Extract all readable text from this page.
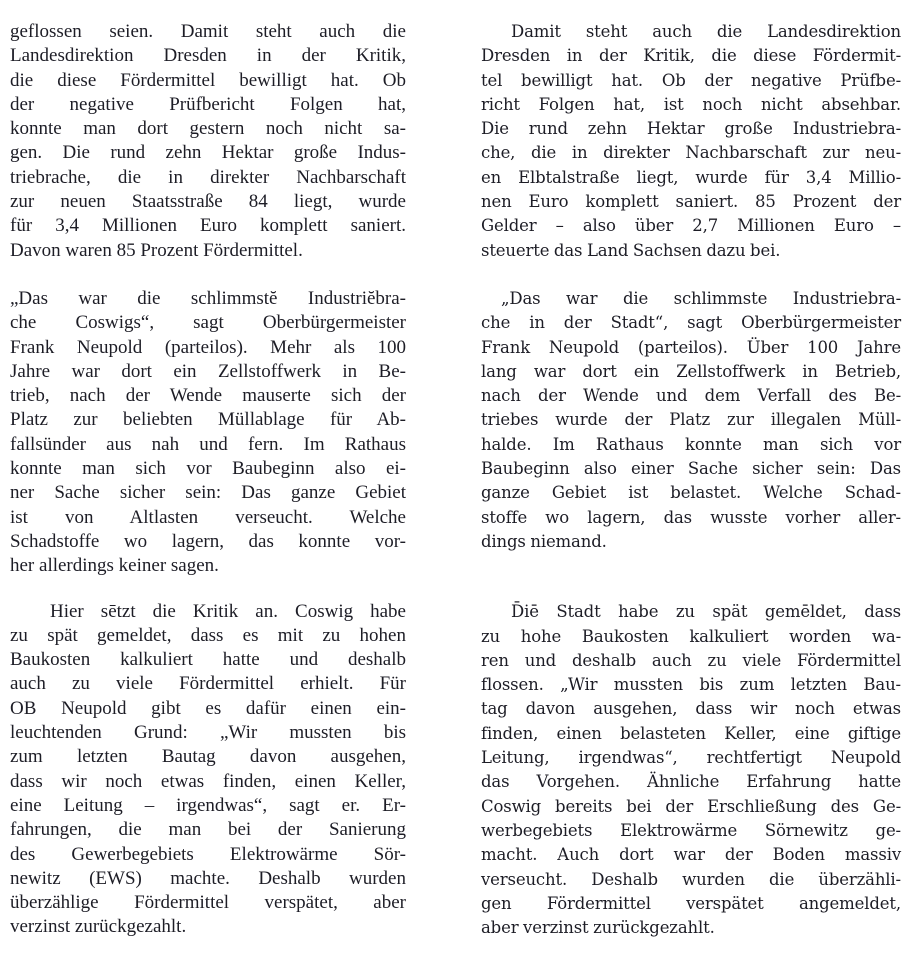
geflossen seien. Damit steht auch die
Landesdirektion Dresden in der Kritik,
die diese Fördermittel bewilligt hat. Ob
der negative Prüfbericht Folgen hat,
konnte man dort gestern noch nicht sa-
gen. Die rund zehn Hektar große Indus-
triebrache, die in direkter Nachbarschaft
zur neuen Staatsstraße 84 liegt, wurde
für 3,4 Millionen Euro komplett saniert.
Davon waren 85 Prozent Fördermittel.
„Das war die schlimmstĕ Industriĕbra-
che Coswigs“, sagt Oberbürgermeister
Frank Neupold (parteilos). Mehr als 100
Jahre war dort ein Zellstoffwerk in Be-
trieb, nach der Wende mauserte sich der
Platz zur beliebten Müllablage für Ab-
fallsünder aus nah und fern. Im Rathaus
konnte man sich vor Baubeginn also ei-
ner Sache sicher sein: Das ganze Gebiet
ist von Altlasten verseucht. Welche
Schadstoffe wo lagern, das konnte vor-
her allerdings keiner sagen.
Hier sētzt die Kritik an. Coswig habe
zu spät gemeldet, dass es mit zu hohen
Baukosten kalkuliert hatte und deshalb
auch zu viele Fördermittel erhielt. Für
OB Neupold gibt es dafür einen ein-
leuchtenden Grund: „Wir mussten bis
zum letzten Bautag davon ausgehen,
dass wir noch etwas finden, einen Keller,
eine Leitung – irgendwas“, sagt er. Er-
fahrungen, die man bei der Sanierung
des Gewerbegebiets Elektrowärme Sör-
newitz (EWS) machte. Deshalb wurden
überzählige Fördermittel verspätet, aber
verzinst zurückgezahlt.
Damit steht auch die Landesdirektion
Dresden in der Kritik, die diese Fördermit-
tel bewilligt hat. Ob der negative Prüfbe-
richt Folgen hat, ist noch nicht absehbar.
Die rund zehn Hektar große Industriebra-
che, die in direkter Nachbarschaft zur neu-
en Elbtalstraße liegt, wurde für 3,4 Millio-
nen Euro komplett saniert. 85 Prozent der
Gelder – also über 2,7 Millionen Euro –
steuerte das Land Sachsen dazu bei.
„Das war die schlimmste Industriebra-
che in der Stadt“, sagt Oberbürgermeister
Frank Neupold (parteilos). Über 100 Jahre
lang war dort ein Zellstoffwerk in Betrieb,
nach der Wende und dem Verfall des Be-
triebes wurde der Platz zur illegalen Müll-
halde. Im Rathaus konnte man sich vor
Baubeginn also einer Sache sicher sein: Das
ganze Gebiet ist belastet. Welche Schad-
stoffe wo lagern, das wusste vorher aller-
dings niemand.
D̄iē Stadt habe zu spät gemēldet, dass
zu hohe Baukosten kalkuliert worden wa-
ren und deshalb auch zu viele Fördermittel
flossen. „Wir mussten bis zum letzten Bau-
tag davon ausgehen, dass wir noch etwas
finden, einen belasteten Keller, eine giftige
Leitung, irgendwas“, rechtfertigt Neupold
das Vorgehen. Ähnliche Erfahrung hatte
Coswig bereits bei der Erschließung des Ge-
werbegebiets Elektrowärme Sörnewitz ge-
macht. Auch dort war der Boden massiv
verseucht. Deshalb wurden die überzähli-
gen Fördermittel verspätet angemeldet,
aber verzinst zurückgezahlt.
